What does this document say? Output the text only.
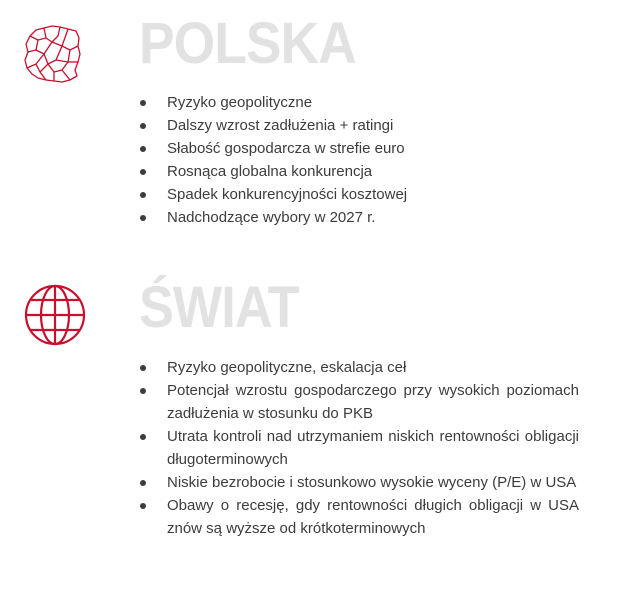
POLSKA
Ryzyko geopolityczne
Dalszy wzrost zadłużenia + ratingi
Słabość gospodarcza w strefie euro
Rosnąca globalna konkurencja
Spadek konkurencyjności kosztowej
Nadchodzące wybory w 2027 r.
ŚWIAT
Ryzyko geopolityczne, eskalacja ceł
Potencjał wzrostu gospodarczego przy wysokich poziomach zadłużenia w stosunku do PKB
Utrata kontroli nad utrzymaniem niskich rentowności obligacji długoterminowych
Niskie bezrobocie i stosunkowo wysokie wyceny (P/E) w USA
Obawy o recesję, gdy rentowności długich obligacji w USA znów są wyższe od krótkoterminowych
